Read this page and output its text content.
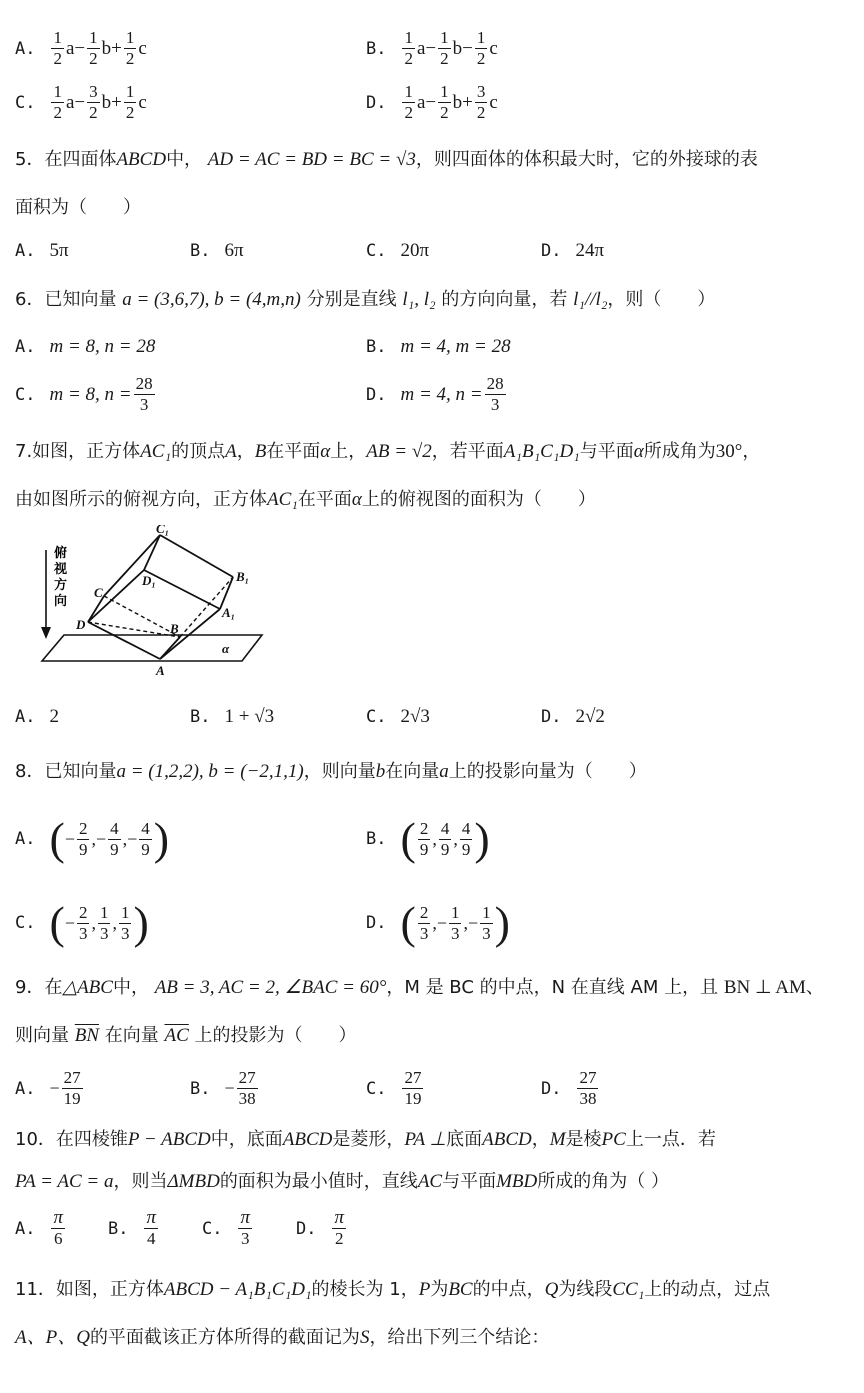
A. $\frac{1}{2}$ $a - \frac{1}{2}$ $b + \frac{1}{2}$ c	B. $\frac{1}{2}$ $a - \frac{1}{2}$ $b - \frac{1}{2}$ c
C. $\frac{1}{2}$ $a - \frac{3}{2}$ $b + \frac{1}{2}$ c	D. $\frac{1}{2}$ $a - \frac{1}{2}$ $b + \frac{3}{2}$ c
5．在四面体ABCD中， AD = AC = BD = BC = √3，则四面体的体积最大时，它的外接球的表
面积为（　　）
A. 5π	B. 6π	C. 20π	D. 24π
6．已知向量 a = (3,6,7), b = (4,m,n) 分别是直线 l₁, l₂ 的方向向量，若 l₁//l₂，则（　　）
A. m = 8, n = 28	B. m = 4, m = 28
C. m = 8, $n = \frac{28}{3}$	D. m = 4, $n = \frac{28}{3}$
7.如图，正方体AC₁的顶点A，B在平面α上，AB = √2，若平面A₁B₁C₁D₁与平面α所成角为30°，
由如图所示的俯视方向，正方体AC₁在平面α上的俯视图的面积为（　　）
俯
视
方
向
C₁
D₁	B₁
C
A₁
D	B
A
α
A. 2	B. 1 + √3	C. 2√3	D. 2√2
8．已知向量a = (1,2,2), b = (−2,1,1)，则向量b在向量a上的投影向量为（　　）
A. ( − $\frac{2}{9}$ , − $\frac{4}{9}$ , − $\frac{4}{9}$ )	B. ( $\frac{2}{9}$ , $\frac{4}{9}$ , $\frac{4}{9}$ )
C. ( − $\frac{2}{3}$ , $\frac{1}{3}$ , $\frac{1}{3}$ )	D. ( $\frac{2}{3}$ , − $\frac{1}{3}$ , − $\frac{1}{3}$ )
9．在△ABC中， AB = 3, AC = 2, ∠BAC = 60°，M 是 BC 的中点，N 在直线 AM 上，且 BN ⊥ AM、
则向量 $\overline{BN}$ 在向量 $\overline{AC}$ 上的投影为（　　）
A. − $\frac{27}{19}$	B. − $\frac{27}{38}$	C. $\frac{27}{19}$	D. $\frac{27}{38}$
10．在四棱锥P − ABCD中，底面ABCD是菱形，PA ⊥底面ABCD，M是棱PC上一点．若
PA = AC = a，则当ΔMBD的面积为最小值时，直线AC与平面MBD所成的角为（ ）
A. $\frac{\pi}{6}$	B. $\frac{\pi}{4}$	C. $\frac{\pi}{3}$	D. $\frac{\pi}{2}$
11．如图，正方体ABCD − A₁B₁C₁D₁的棱长为 1，P为BC的中点，Q为线段CC₁上的动点，过点
A、P、Q的平面截该正方体所得的截面记为S，给出下列三个结论：
